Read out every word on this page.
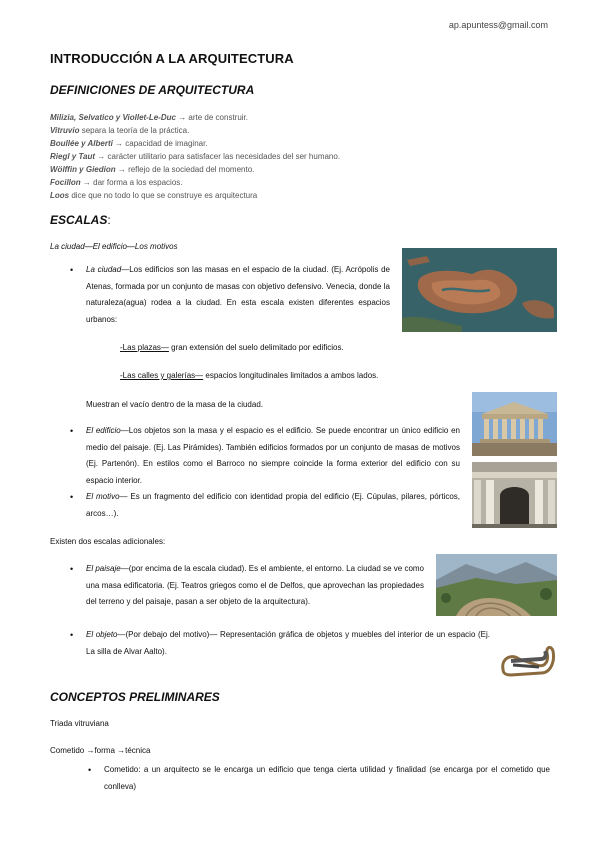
ap.apuntess@gmail.com
INTRODUCCIÓN A LA ARQUITECTURA
DEFINICIONES DE ARQUITECTURA
Milizia, Selvatico y Viollet-Le-Duc → arte de construir.
Vitruvio separa la teoría de la práctica.
Boullée y Alberti → capacidad de imaginar.
Riegl y Taut → carácter utilitario para satisfacer las necesidades del ser humano.
Wölffin y Giedion → reflejo de la sociedad del momento.
Focillon → dar forma a los espacios.
Loos dice que no todo lo que se construye es arquitectura
ESCALAS:
La ciudad—El edificio—Los motivos
• La ciudad—Los edificios son las masas en el espacio de la ciudad. (Ej. Acrópolis de Atenas, formada por un conjunto de masas con objetivo defensivo. Venecia, donde la naturaleza(agua) rodea a la ciudad. En esta escala existen diferentes espacios urbanos:
-Las plazas— gran extensión del suelo delimitado por edificios.
-Las calles y galerías— espacios longitudinales limitados a ambos lados.
Muestran el vacío dentro de la masa de la ciudad.
• El edificio—Los objetos son la masa y el espacio es el edificio. Se puede encontrar un único edificio en medio del paisaje. (Ej. Las Pirámides). También edificios formados por un conjunto de masas de motivos (Ej. Partenón). En estilos como el Barroco no siempre coincide la forma exterior del edificio con su espacio interior.
• El motivo— Es un fragmento del edificio con identidad propia del edificio (Ej. Cúpulas, pilares, pórticos, arcos…).
Existen dos escalas adicionales:
• El paisaje—(por encima de la escala ciudad). Es el ambiente, el entorno. La ciudad se ve como una masa edificatoria. (Ej. Teatros griegos como el de Delfos, que aprovechan las propiedades del terreno y del paisaje, pasan a ser objeto de la arquitectura).
• El objeto—(Por debajo del motivo)— Representación gráfica de objetos y muebles del interior de un espacio (Ej. La silla de Alvar Aalto).
CONCEPTOS PRELIMINARES
Triada vitruviana
Cometido →forma →técnica
• Cometido: a un arquitecto se le encarga un edificio que tenga cierta utilidad y finalidad (se encarga por el cometido que conlleva)
